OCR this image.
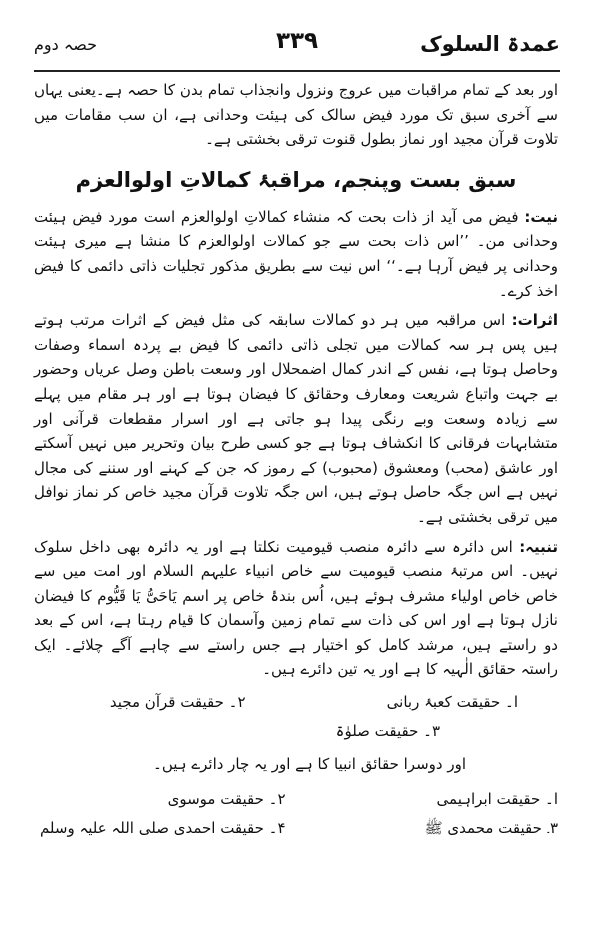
عمدۃ السلوک
۳۳۹
حصہ دوم

اور بعد کے تمام مراقبات میں عروج ونزول وانجذاب تمام بدن کا حصہ ہے۔یعنی یہاں سے آخری سبق تک مورد فیض سالک کی ہیئت وحدانی ہے، ان سب مقامات میں تلاوت قرآن مجید اور نماز بطول قنوت ترقی بخشتی ہے۔

سبق بست وپنجم، مراقبۂ کمالاتِ اولوالعزم

نیت: فیض می آید از ذات بحت کہ منشاء کمالاتِ اولوالعزم است مورد فیض ہیئت وحدانی من۔ ’’اس ذات بحت سے جو کمالات اولوالعزم کا منشا ہے میری ہیئت وحدانی پر فیض آرہا ہے۔‘‘ اس نیت سے بطریق مذکور تجلیات ذاتی دائمی کا فیض اخذ کرے۔

اثرات: اس مراقبہ میں ہر دو کمالات سابقہ کی مثل فیض کے اثرات مرتب ہوتے ہیں پس ہر سہ کمالات میں تجلی ذاتی دائمی کا فیض بے پردہ اسماء وصفات وحاصل ہوتا ہے، نفس کے اندر کمال اضمحلال اور وسعت باطن وصل عریاں وحضور بے جہت واتباع شریعت ومعارف وحقائق کا فیضان ہوتا ہے اور ہر مقام میں پہلے سے زیادہ وسعت وبے رنگی پیدا ہو جاتی ہے اور اسرار مقطعات قرآنی اور متشابہات فرقانی کا انکشاف ہوتا ہے جو کسی طرح بیان وتحریر میں نہیں آسکتے اور عاشق (محب) ومعشوق (محبوب) کے رموز کہ جن کے کہنے اور سننے کی مجال نہیں ہے اس جگہ حاصل ہوتے ہیں، اس جگہ تلاوت قرآن مجید خاص کر نماز نوافل میں ترقی بخشتی ہے۔

تنبیہ: اس دائرہ سے دائرہ منصب قیومیت نکلتا ہے اور یہ دائرہ بھی داخل سلوک نہیں۔ اس مرتبۂ منصب قیومیت سے خاص انبیاء علیہم السلام اور امت میں سے خاص خاص اولیاء مشرف ہوئے ہیں، اُس بندۂ خاص پر اسم یَاحَیُّ یَا قَیُّوم کا فیضان نازل ہوتا ہے اور اس کی ذات سے تمام زمین وآسمان کا قیام رہتا ہے، اس کے بعد دو راستے ہیں، مرشد کامل کو اختیار ہے جس راستے سے چاہے آگے چلائے۔ ایک راستہ حقائق الٰہیہ کا ہے اور یہ تین دائرے ہیں۔

ا۔ حقیقت کعبۂ ربانی
۲۔ حقیقت قرآن مجید
۳۔ حقیقت صلوٰۃ
اور دوسرا حقائق انبیا کا ہے اور یہ چار دائرے ہیں۔
ا۔ حقیقت ابراہیمی
۲۔ حقیقت موسوی
۳۔ حقیقت محمدی ﷺ
۴۔ حقیقت احمدی صلی اللہ علیہ وسلم
